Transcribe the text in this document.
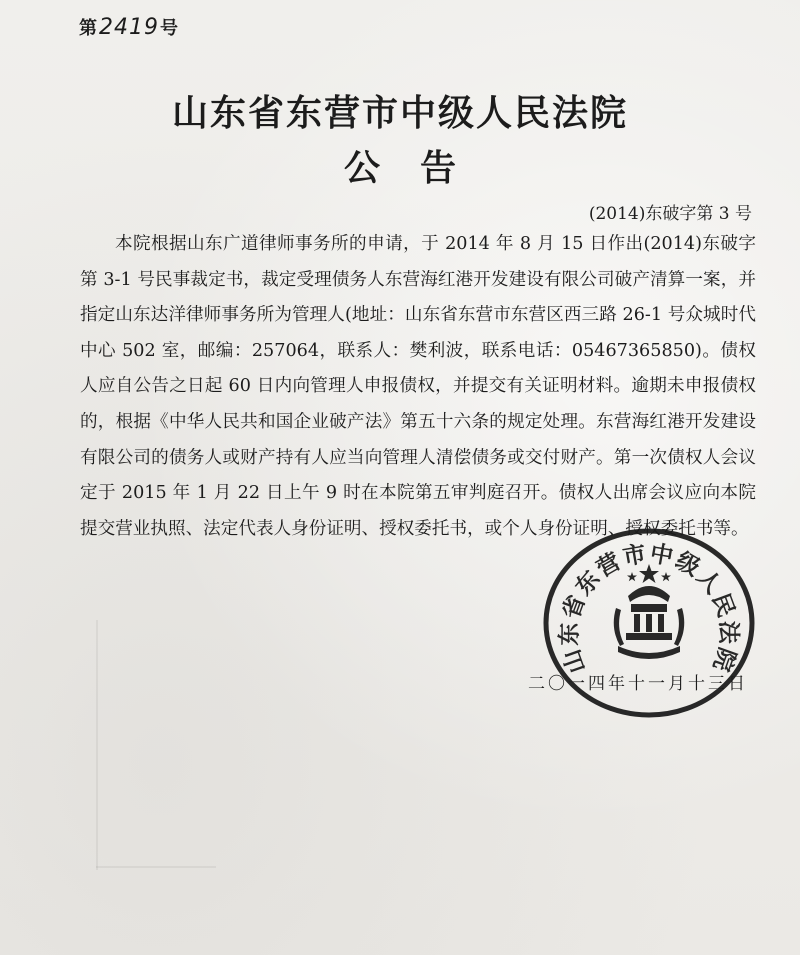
第2419号
山东省东营市中级人民法院
公告
(2014)东破字第 3 号

本院根据山东广道律师事务所的申请，于 2014 年 8 月 15 日作出(2014)东破字第 3-1 号民事裁定书，裁定受理债务人东营海红港开发建设有限公司破产清算一案，并指定山东达洋律师事务所为管理人(地址：山东省东营市东营区西三路 26-1 号众城时代中心 502 室，邮编：257064，联系人：樊利波，联系电话：05467365850)。债权人应自公告之日起 60 日内向管理人申报债权，并提交有关证明材料。逾期未申报债权的，根据《中华人民共和国企业破产法》第五十六条的规定处理。东营海红港开发建设有限公司的债务人或财产持有人应当向管理人清偿债务或交付财产。第一次债权人会议定于 2015 年 1 月 22 日上午 9 时在本院第五审判庭召开。债权人出席会议应向本院提交营业执照、法定代表人身份证明、授权委托书，或个人身份证明、授权委托书等。

二〇一四年十一月十三日
山东省东营市中级人民法院
